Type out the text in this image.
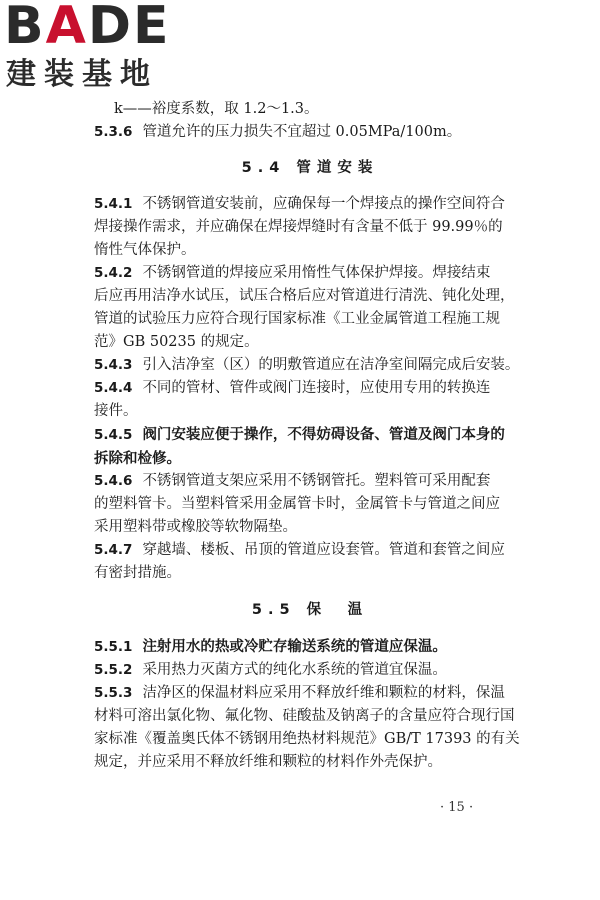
BADE
建装基地
k——裕度系数，取 1.2～1.3。
5.3.6 管道允许的压力损失不宜超过 0.05MPa/100m。
5.4 管道安装
5.4.1 不锈钢管道安装前，应确保每一个焊接点的操作空间符合
焊接操作需求，并应确保在焊接焊缝时有含量不低于 99.99％的
惰性气体保护。
5.4.2 不锈钢管道的焊接应采用惰性气体保护焊接。焊接结束
后应再用洁净水试压，试压合格后应对管道进行清洗、钝化处理，
管道的试验压力应符合现行国家标准《工业金属管道工程施工规
范》GB 50235 的规定。
5.4.3 引入洁净室（区）的明敷管道应在洁净室间隔完成后安装。
5.4.4 不同的管材、管件或阀门连接时，应使用专用的转换连
接件。
5.4.5 阀门安装应便于操作，不得妨碍设备、管道及阀门本身的
拆除和检修。
5.4.6 不锈钢管道支架应采用不锈钢管托。塑料管可采用配套
的塑料管卡。当塑料管采用金属管卡时，金属管卡与管道之间应
采用塑料带或橡胶等软物隔垫。
5.4.7 穿越墙、楼板、吊顶的管道应设套管。管道和套管之间应
有密封措施。
5.5 保　温
5.5.1 注射用水的热或冷贮存输送系统的管道应保温。
5.5.2 采用热力灭菌方式的纯化水系统的管道宜保温。
5.5.3 洁净区的保温材料应采用不释放纤维和颗粒的材料，保温
材料可溶出氯化物、氟化物、硅酸盐及钠离子的含量应符合现行国
家标准《覆盖奥氏体不锈钢用绝热材料规范》GB/T 17393 的有关
规定，并应采用不释放纤维和颗粒的材料作外壳保护。
· 15 ·
